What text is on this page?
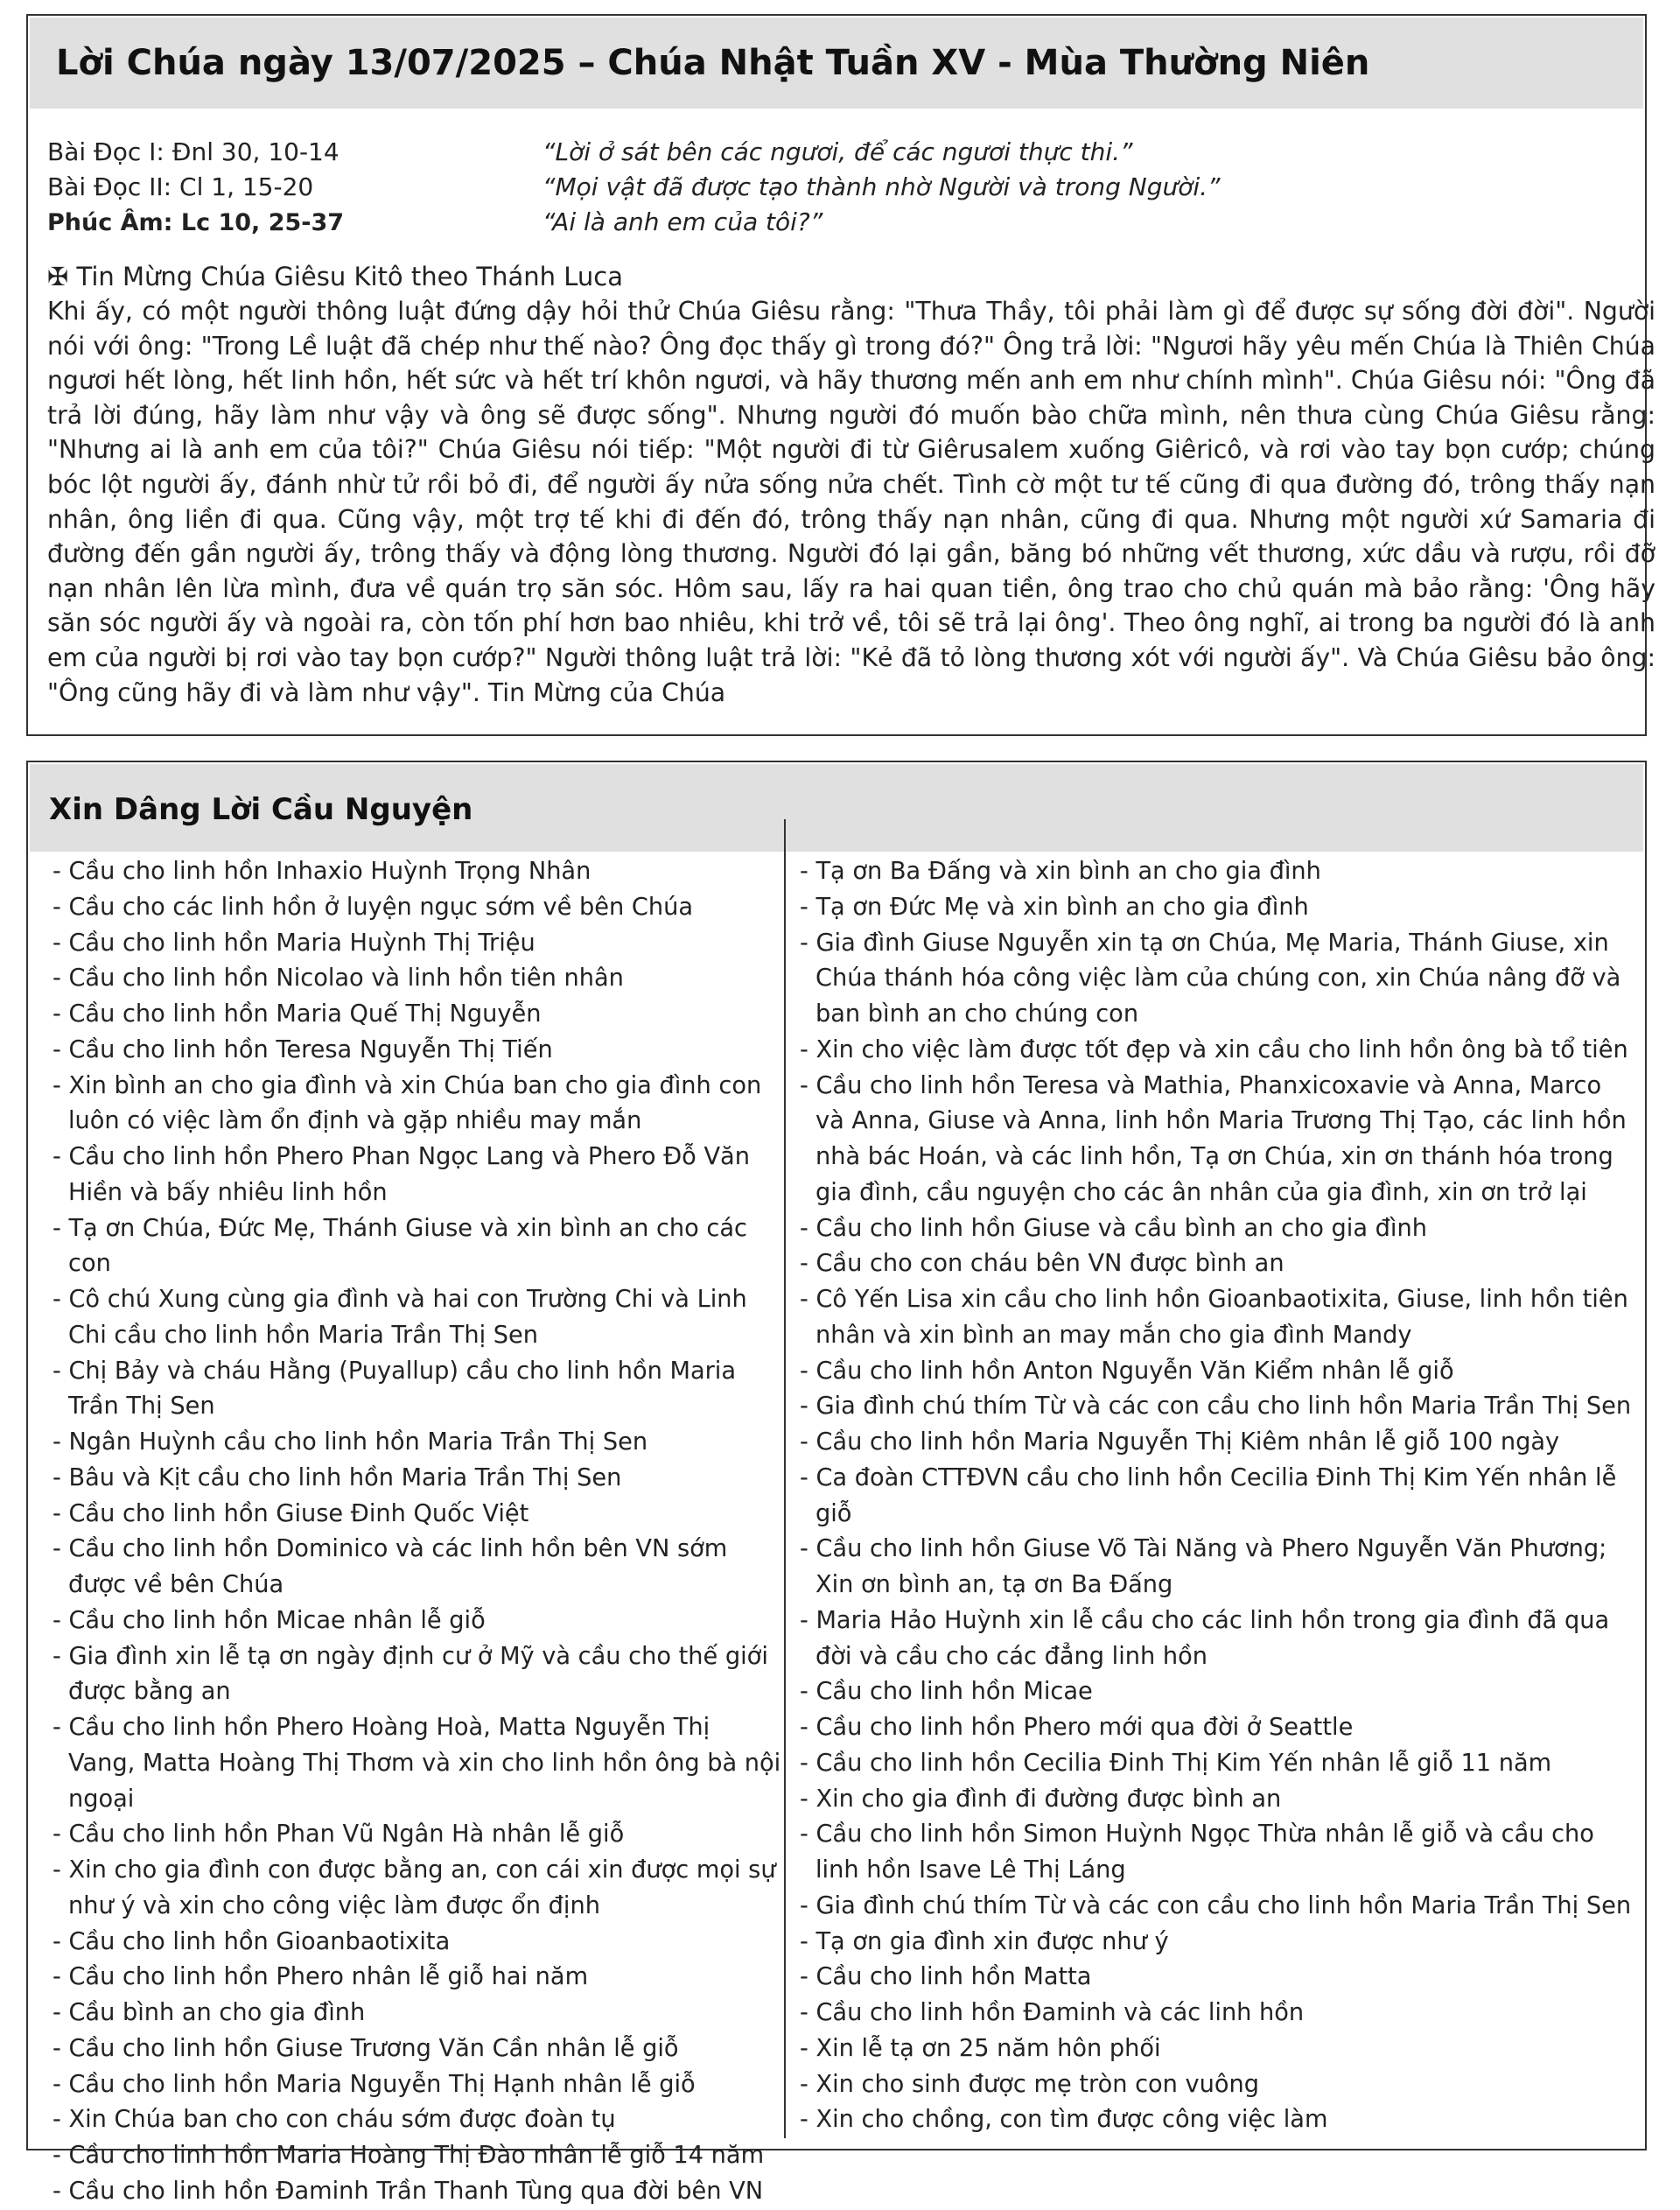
Lời Chúa ngày 13/07/2025 – Chúa Nhật Tuần XV - Mùa Thường Niên
Bài Đọc I: Đnl 30, 10-14	“Lời ở sát bên các ngươi, để các ngươi thực thi.”
Bài Đọc II: Cl 1, 15-20	“Mọi vật đã được tạo thành nhờ Người và trong Người.”
Phúc Âm: Lc 10, 25-37	“Ai là anh em của tôi?”
✠ Tin Mừng Chúa Giêsu Kitô theo Thánh Luca
Khi ấy, có một người thông luật đứng dậy hỏi thử Chúa Giêsu rằng: "Thưa Thầy, tôi phải làm gì để được sự sống đời đời". Người nói với ông: "Trong Lề luật đã chép như thế nào? Ông đọc thấy gì trong đó?" Ông trả lời: "Ngươi hãy yêu mến Chúa là Thiên Chúa ngươi hết lòng, hết linh hồn, hết sức và hết trí khôn ngươi, và hãy thương mến anh em như chính mình". Chúa Giêsu nói: "Ông đã trả lời đúng, hãy làm như vậy và ông sẽ được sống". Nhưng người đó muốn bào chữa mình, nên thưa cùng Chúa Giêsu rằng: "Nhưng ai là anh em của tôi?" Chúa Giêsu nói tiếp: "Một người đi từ Giêrusalem xuống Giêricô, và rơi vào tay bọn cướp; chúng bóc lột người ấy, đánh nhừ tử rồi bỏ đi, để người ấy nửa sống nửa chết. Tình cờ một tư tế cũng đi qua đường đó, trông thấy nạn nhân, ông liền đi qua. Cũng vậy, một trợ tế khi đi đến đó, trông thấy nạn nhân, cũng đi qua. Nhưng một người xứ Samaria đi đường đến gần người ấy, trông thấy và động lòng thương. Người đó lại gần, băng bó những vết thương, xức dầu và rượu, rồi đỡ nạn nhân lên lừa mình, đưa về quán trọ săn sóc. Hôm sau, lấy ra hai quan tiền, ông trao cho chủ quán mà bảo rằng: 'Ông hãy săn sóc người ấy và ngoài ra, còn tốn phí hơn bao nhiêu, khi trở về, tôi sẽ trả lại ông'. Theo ông nghĩ, ai trong ba người đó là anh em của người bị rơi vào tay bọn cướp?" Người thông luật trả lời: "Kẻ đã tỏ lòng thương xót với người ấy". Và Chúa Giêsu bảo ông: "Ông cũng hãy đi và làm như vậy". Tin Mừng của Chúa
Xin Dâng Lời Cầu Nguyện
- Cầu cho linh hồn Inhaxio Huỳnh Trọng Nhân
- Cầu cho các linh hồn ở luyện ngục sớm về bên Chúa
- Cầu cho linh hồn Maria Huỳnh Thị Triệu
- Cầu cho linh hồn Nicolao và linh hồn tiên nhân
- Cầu cho linh hồn Maria Quế Thị Nguyễn
- Cầu cho linh hồn Teresa Nguyễn Thị Tiến
- Xin bình an cho gia đình và xin Chúa ban cho gia đình con luôn có việc làm ổn định và gặp nhiều may mắn
- Cầu cho linh hồn Phero Phan Ngọc Lang và Phero Đỗ Văn Hiền và bấy nhiêu linh hồn
- Tạ ơn Chúa, Đức Mẹ, Thánh Giuse và xin bình an cho các con
- Cô chú Xung cùng gia đình và hai con Trường Chi và Linh Chi cầu cho linh hồn Maria Trần Thị Sen
- Chị Bảy và cháu Hằng (Puyallup) cầu cho linh hồn Maria Trần Thị Sen
- Ngân Huỳnh cầu cho linh hồn Maria Trần Thị Sen
- Bâu và Kịt cầu cho linh hồn Maria Trần Thị Sen
- Cầu cho linh hồn Giuse Đinh Quốc Việt
- Cầu cho linh hồn Dominico và các linh hồn bên VN sớm được về bên Chúa
- Cầu cho linh hồn Micae nhân lễ giỗ
- Gia đình xin lễ tạ ơn ngày định cư ở Mỹ và cầu cho thế giới được bằng an
- Cầu cho linh hồn Phero Hoàng Hoà, Matta Nguyễn Thị Vang, Matta Hoàng Thị Thơm và xin cho linh hồn ông bà nội ngoại
- Cầu cho linh hồn Phan Vũ Ngân Hà nhân lễ giỗ
- Xin cho gia đình con được bằng an, con cái xin được mọi sự như ý và xin cho công việc làm được ổn định
- Cầu cho linh hồn Gioanbaotixita
- Cầu cho linh hồn Phero nhân lễ giỗ hai năm
- Cầu bình an cho gia đình
- Cầu cho linh hồn Giuse Trương Văn Cần nhân lễ giỗ
- Cầu cho linh hồn Maria Nguyễn Thị Hạnh nhân lễ giỗ
- Xin Chúa ban cho con cháu sớm được đoàn tụ
- Cầu cho linh hồn Maria Hoàng Thị Đào nhân lễ giỗ 14 năm
- Cầu cho linh hồn Đaminh Trần Thanh Tùng qua đời bên VN
- Tạ ơn Ba Đấng và xin bình an cho gia đình
- Tạ ơn Đức Mẹ và xin bình an cho gia đình
- Gia đình Giuse Nguyễn xin tạ ơn Chúa, Mẹ Maria, Thánh Giuse, xin Chúa thánh hóa công việc làm của chúng con, xin Chúa nâng đỡ và ban bình an cho chúng con
- Xin cho việc làm được tốt đẹp và xin cầu cho linh hồn ông bà tổ tiên
- Cầu cho linh hồn Teresa và Mathia, Phanxicoxavie và Anna, Marco và Anna, Giuse và Anna, linh hồn Maria Trương Thị Tạo, các linh hồn nhà bác Hoán, và các linh hồn, Tạ ơn Chúa, xin ơn thánh hóa trong gia đình, cầu nguyện cho các ân nhân của gia đình, xin ơn trở lại
- Cầu cho linh hồn Giuse và cầu bình an cho gia đình
- Cầu cho con cháu bên VN được bình an
- Cô Yến Lisa xin cầu cho linh hồn Gioanbaotixita, Giuse, linh hồn tiên nhân và xin bình an may mắn cho gia đình Mandy
- Cầu cho linh hồn Anton Nguyễn Văn Kiểm nhân lễ giỗ
- Gia đình chú thím Từ và các con cầu cho linh hồn Maria Trần Thị Sen
- Cầu cho linh hồn Maria Nguyễn Thị Kiêm nhân lễ giỗ 100 ngày
- Ca đoàn CTTĐVN cầu cho linh hồn Cecilia Đinh Thị Kim Yến nhân lễ giỗ
- Cầu cho linh hồn Giuse Võ Tài Năng và Phero Nguyễn Văn Phương; Xin ơn bình an, tạ ơn Ba Đấng
- Maria Hảo Huỳnh xin lễ cầu cho các linh hồn trong gia đình đã qua đời và cầu cho các đẳng linh hồn
- Cầu cho linh hồn Micae
- Cầu cho linh hồn Phero mới qua đời ở Seattle
- Cầu cho linh hồn Cecilia Đinh Thị Kim Yến nhân lễ giỗ 11 năm
- Xin cho gia đình đi đường được bình an
- Cầu cho linh hồn Simon Huỳnh Ngọc Thừa nhân lễ giỗ và cầu cho linh hồn Isave Lê Thị Láng
- Gia đình chú thím Từ và các con cầu cho linh hồn Maria Trần Thị Sen
- Tạ ơn gia đình xin được như ý
- Cầu cho linh hồn Matta
- Cầu cho linh hồn Đaminh và các linh hồn
- Xin lễ tạ ơn 25 năm hôn phối
- Xin cho sinh được mẹ tròn con vuông
- Xin cho chồng, con tìm được công việc làm
